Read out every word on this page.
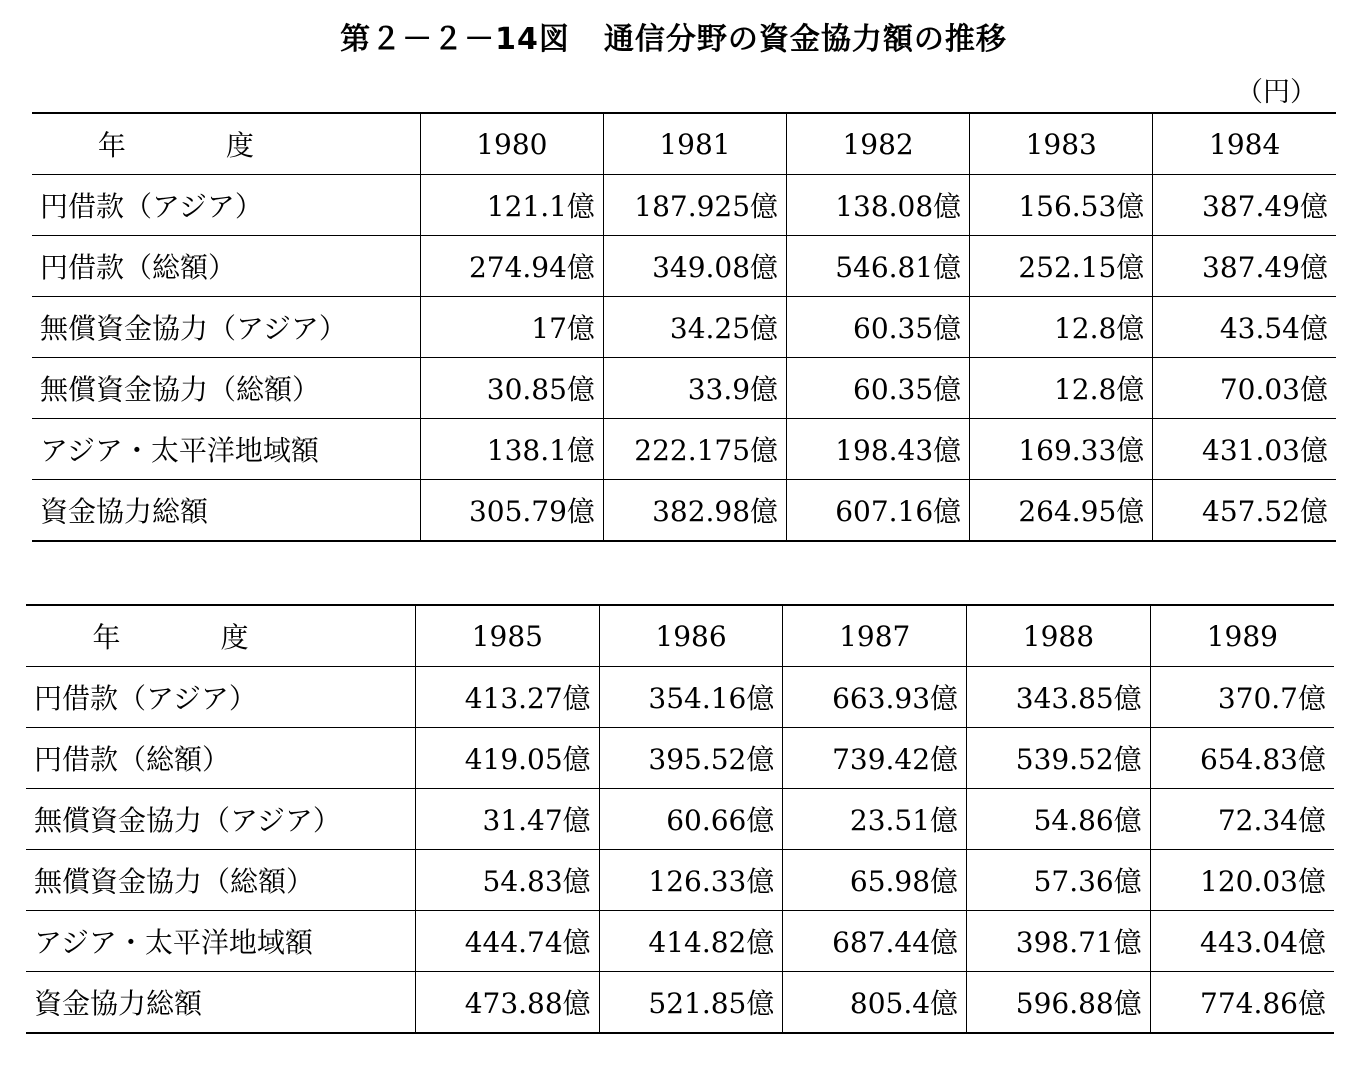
第２－２－14図 通信分野の資金協力額の推移
（円）
年度	1980	1981	1982	1983	1984
円借款（アジア）	121.1億	187.925億	138.08億	156.53億	387.49億
円借款（総額）	274.94億	349.08億	546.81億	252.15億	387.49億
無償資金協力（アジア）	17億	34.25億	60.35億	12.8億	43.54億
無償資金協力（総額）	30.85億	33.9億	60.35億	12.8億	70.03億
アジア・太平洋地域額	138.1億	222.175億	198.43億	169.33億	431.03億
資金協力総額	305.79億	382.98億	607.16億	264.95億	457.52億
年度	1985	1986	1987	1988	1989
円借款（アジア）	413.27億	354.16億	663.93億	343.85億	370.7億
円借款（総額）	419.05億	395.52億	739.42億	539.52億	654.83億
無償資金協力（アジア）	31.47億	60.66億	23.51億	54.86億	72.34億
無償資金協力（総額）	54.83億	126.33億	65.98億	57.36億	120.03億
アジア・太平洋地域額	444.74億	414.82億	687.44億	398.71億	443.04億
資金協力総額	473.88億	521.85億	805.4億	596.88億	774.86億
